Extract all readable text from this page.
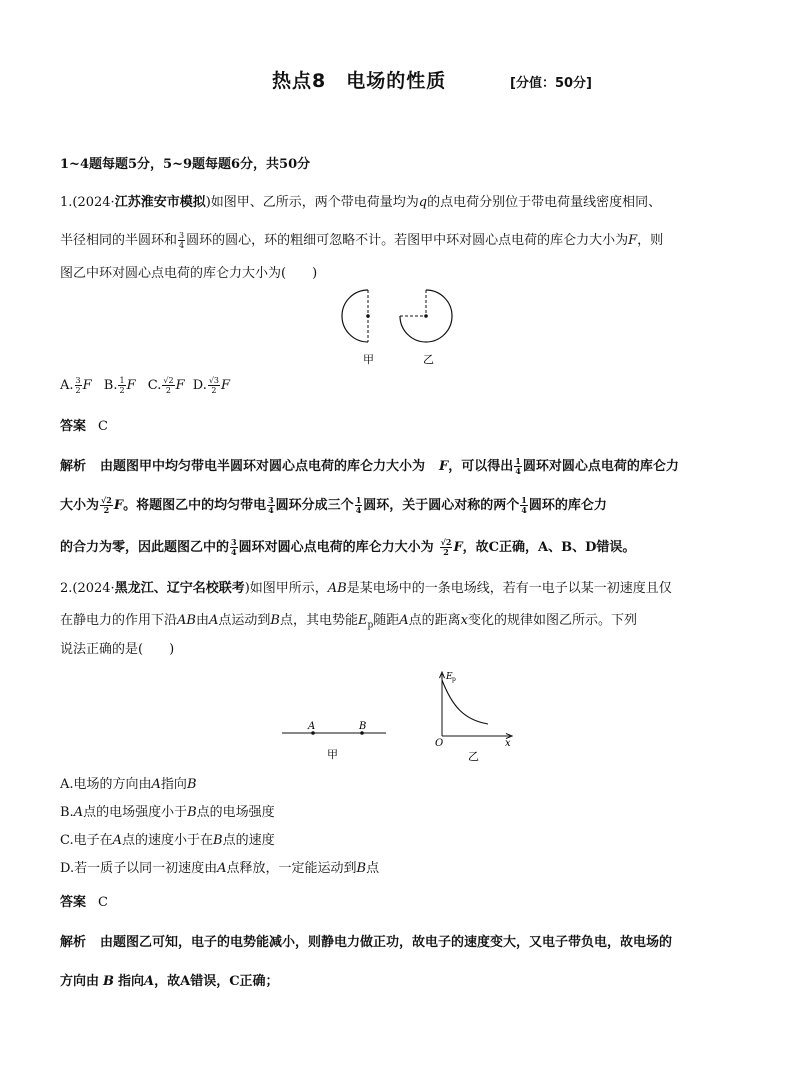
热点8　电场的性质	[分值：50分]
1~4题每题5分，5~9题每题6分，共50分
1.(2024·江苏淮安市模拟)如图甲、乙所示，两个带电荷量均为q的点电荷分别位于带电荷量线密度相同、
半径相同的半圆环和 $\frac{3}{4}$ 圆环的圆心，环的粗细可忽略不计。若图甲中环对圆心点电荷的库仑力大小为F，则
图乙中环对圆心点电荷的库仑力大小为(　　)
甲	乙
A. $\frac{3}{2}$ F B. $\frac{1}{2}$ F C. $\frac{√2}{2}$ F D. $\frac{√3}{2}$ F
答案 C
解析 由题图甲中均匀带电半圆环对圆心点电荷的库仑力大小为 F，可以得出 $\frac{1}{4}$ 圆环对圆心点电荷的库仑力
大小为 $\frac{√2}{2}$ F。将题图乙中的均匀带电 $\frac{3}{4}$ 圆环分成三个 $\frac{1}{4}$ 圆环，关于圆心对称的两个 $\frac{1}{4}$ 圆环的库仑力
的合力为零，因此题图乙中的 $\frac{3}{4}$ 圆环对圆心点电荷的库仑力大小为 $\frac{√2}{2}$ F，故C正确，A、B、D错误。
2.(2024·黑龙江、辽宁名校联考)如图甲所示，AB是某电场中的一条电场线，若有一电子以某一初速度且仅
在静电力的作用下沿AB由A点运动到B点，其电势能$E_p$随距A点的距离x变化的规律如图乙所示。下列
说法正确的是(　　)
A	B
甲
E p
O	x
乙
A.电场的方向由A指向B
B.A点的电场强度小于B点的电场强度
C.电子在A点的速度小于在B点的速度
D.若一质子以同一初速度由A点释放，一定能运动到B点
答案 C
解析 由题图乙可知，电子的电势能减小，则静电力做正功，故电子的速度变大，又电子带负电，故电场的
方向由 B 指向A，故A错误，C正确；
